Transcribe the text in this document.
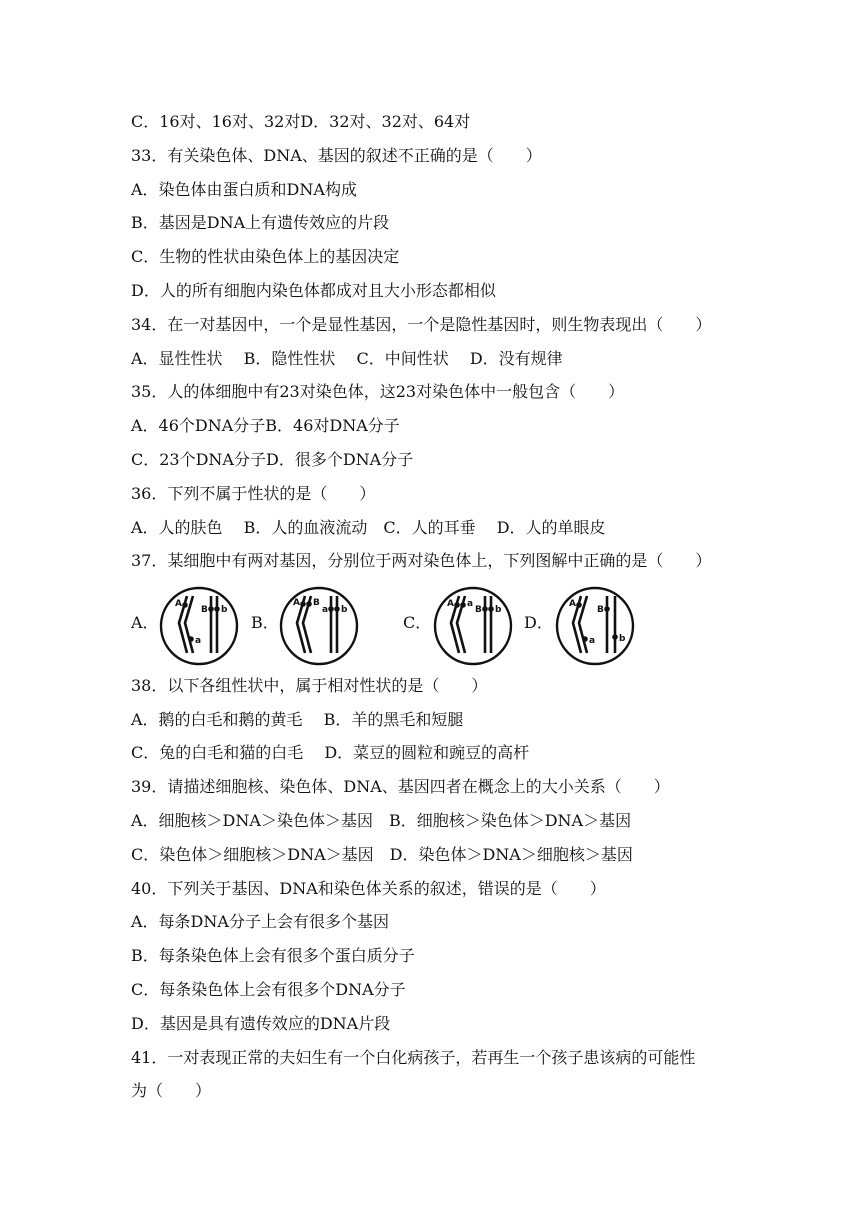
C．16对、16对、32对D．32对、32对、64对
33．有关染色体、DNA、基因的叙述不正确的是（　　）
A．染色体由蛋白质和DNA构成
B．基因是DNA上有遗传效应的片段
C．生物的性状由染色体上的基因决定
D．人的所有细胞内染色体都成对且大小形态都相似
34．在一对基因中，一个是显性基因，一个是隐性基因时，则生物表现出（　　）
A．显性性状　 B．隐性性状　 C．中间性状　 D．没有规律
35．人的体细胞中有23对染色体，这23对染色体中一般包含（　　）
A．46个DNA分子B．46对DNA分子
C．23个DNA分子D．很多个DNA分子
36．下列不属于性状的是（　　）
A．人的肤色　 B．人的血液流动　C．人的耳垂　 D．人的单眼皮
37．某细胞中有两对基因，分别位于两对染色体上，下列图解中正确的是（　　）
A．
A
a
B b
B．
A B
a b
C．
A a
B b
D．
A
a
B
b
38．以下各组性状中，属于相对性状的是（　　）
A．鹅的白毛和鹅的黄毛　 B．羊的黑毛和短腿
C．兔的白毛和猫的白毛　 D．菜豆的圆粒和豌豆的高杆
39．请描述细胞核、染色体、DNA、基因四者在概念上的大小关系（　　）
A．细胞核＞DNA＞染色体＞基因　B．细胞核＞染色体＞DNA＞基因
C．染色体＞细胞核＞DNA＞基因　D．染色体＞DNA＞细胞核＞基因
40．下列关于基因、DNA和染色体关系的叙述，错误的是（　　）
A．每条DNA分子上会有很多个基因
B．每条染色体上会有很多个蛋白质分子
C．每条染色体上会有很多个DNA分子
D．基因是具有遗传效应的DNA片段
41．一对表现正常的夫妇生有一个白化病孩子，若再生一个孩子患该病的可能性
为（　　）
